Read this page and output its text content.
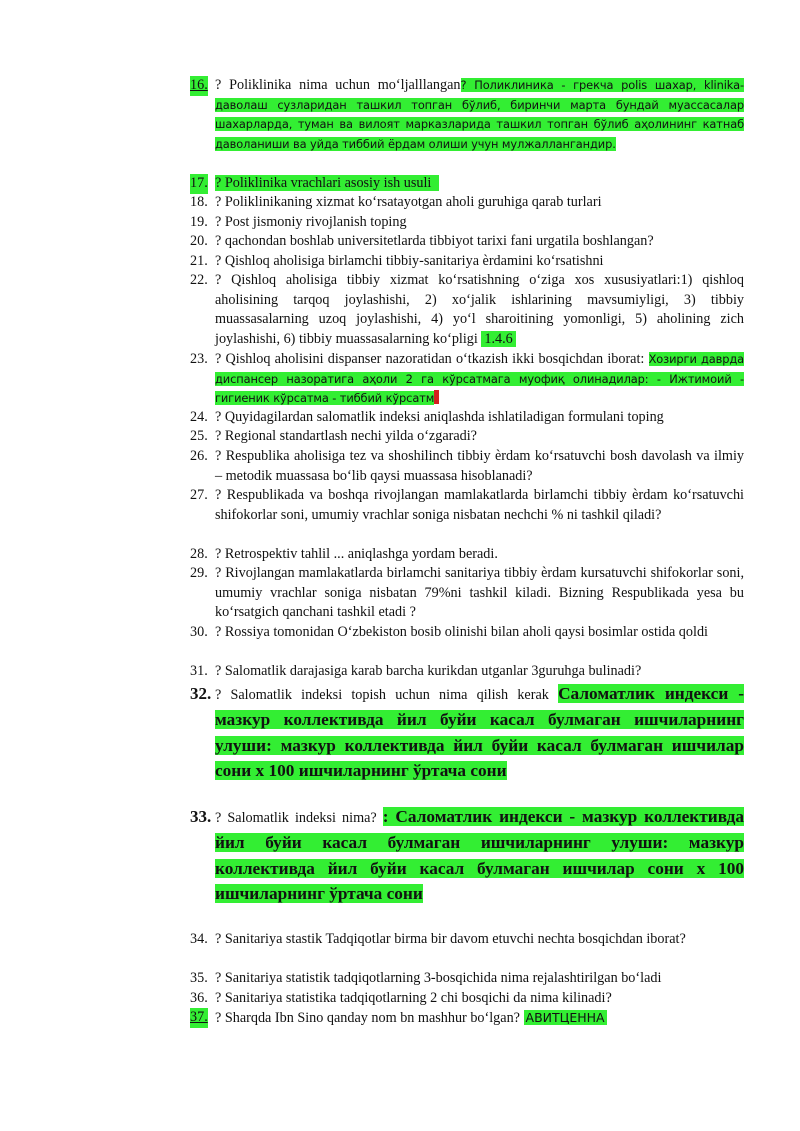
16. ? Poliklinika nima uchun mo‘ljalllangan? Поликлиника - грекча polis шахар, klinika-даволаш сузларидан ташкил топган бўлиб, биринчи марта бундай муассасалар шахарларда, туман ва вилоят марказларида ташкил топган бўлиб аҳолининг катнаб даволаниши ва уйда тиббий ёрдам олиши учун мулжаллангандир.
17. ? Poliklinika vrachlari asosiy ish usuli
18. ? Poliklinikaning xizmat ko‘rsatayotgan aholi guruhiga qarab turlari
19. ? Post jismoniy rivojlanish toping
20. ? qachondan boshlab universitetlarda tibbiyot tarixi fani urgatila boshlangan?
21. ? Qishloq aholisiga birlamchi tibbiy-sanitariya èrdamini ko‘rsatishni
22. ? Qishloq aholisiga tibbiy xizmat ko‘rsatishning o‘ziga xos xususiyatlari:1) qishloq aholisining tarqoq joylashishi, 2) xo‘jalik ishlarining mavsumiyligi, 3) tibbiy muassasalarning uzoq joylashishi, 4) yo‘l sharoitining yomonligi, 5) aholining zich joylashishi, 6) tibbiy muassasalarning ko‘pligi 1.4.6
23. ? Qishloq aholisini dispanser nazoratidan o‘tkazish ikki bosqichdan iborat: Хозирги даврда диспансер назоратига аҳоли 2 га кўрсатмага муофиқ олинадилар: - Ижтимоий - гигиеник кўрсатма - тиббий кўрсатм
24. ? Quyidagilardan salomatlik indeksi aniqlashda ishlatiladigan formulani toping
25. ? Regional standartlash nechi yilda o‘zgaradi?
26. ? Respublika aholisiga tez va shoshilinch tibbiy èrdam ko‘rsatuvchi bosh davolash va ilmiy – metodik muassasa bo‘lib qaysi muassasa hisoblanadi?
27. ? Respublikada va boshqa rivojlangan mamlakatlarda birlamchi tibbiy èrdam ko‘rsatuvchi shifokorlar soni, umumiy vrachlar soniga nisbatan nechchi % ni tashkil qiladi?
28. ? Retrospektiv tahlil ... aniqlashga yordam beradi.
29. ? Rivojlangan mamlakatlarda birlamchi sanitariya tibbiy èrdam kursatuvchi shifokorlar soni, umumiy vrachlar soniga nisbatan 79%ni tashkil kiladi. Bizning Respublikada yesa bu ko‘rsatgich qanchani tashkil etadi ?
30. ? Rossiya tomonidan O‘zbekiston bosib olinishi bilan aholi qaysi bosimlar ostida qoldi
31. ? Salomatlik darajasiga karab barcha kurikdan utganlar 3guruhga bulinadi?
32. ? Salomatlik indeksi topish uchun nima qilish kerak Саломатлик индекси - мазкур коллективда йил буйи касал булмаган ишчиларнинг улуши: мазкур коллективда йил буйи касал булмаган ишчилар сони х 100 ишчиларнинг ўртача сони
33. ? Salomatlik indeksi nima? : Саломатлик индекси - мазкур коллективда йил буйи касал булмаган ишчиларнинг улуши: мазкур коллективда йил буйи касал булмаган ишчилар сони х 100 ишчиларнинг ўртача сони
34. ? Sanitariya stastik Tadqiqotlar birma bir davom etuvchi nechta bosqichdan iborat?
35. ? Sanitariya statistik tadqiqotlarning 3-bosqichida nima rejalashtirilgan bo‘ladi
36. ? Sanitariya statistika tadqiqotlarning 2 chi bosqichi da nima kilinadi?
37. ? Sharqda Ibn Sino qanday nom bn mashhur bo‘lgan? АВИТЦЕННА
